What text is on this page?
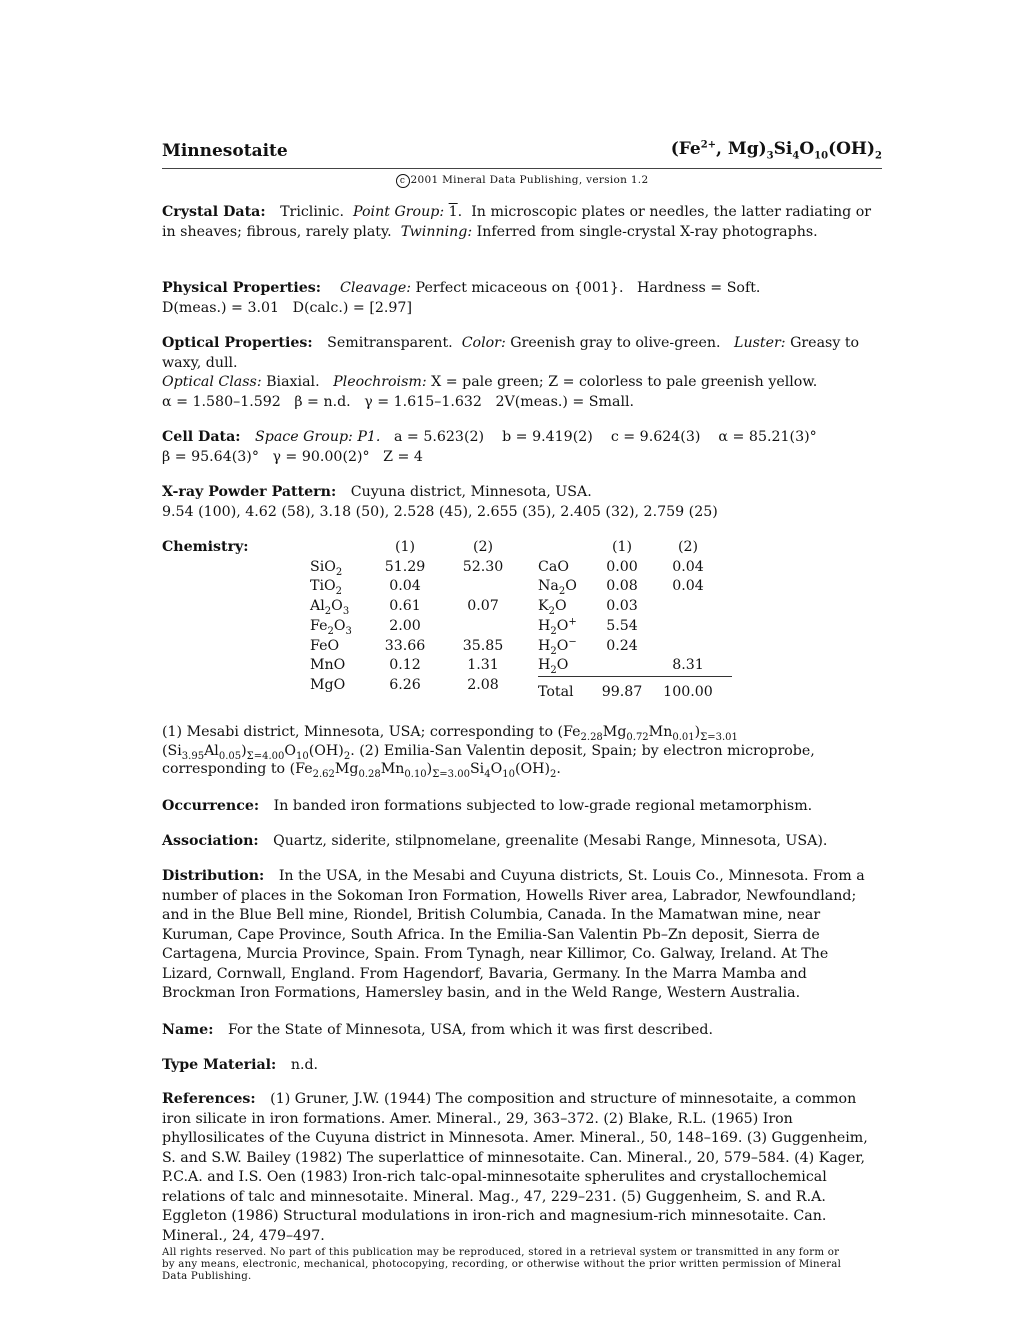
Minnesotaite	($Fe^{2+}$, $Mg)_3Si_4O_{10}(OH)_2$
c 2001 Mineral Data Publishing, version 1.2
Crystal Data: Triclinic. Point Group: 1.  In microscopic plates or needles, the latter radiating or in sheaves; fibrous, rarely platy. Twinning: Inferred from single-crystal X-ray photographs.
Physical Properties: Cleavage: Perfect micaceous on {001}. Hardness = Soft.
D(meas.) = 3.01   D(calc.) = [2.97]
Optical Properties: Semitransparent. Color: Greenish gray to olive-green. Luster: Greasy to waxy, dull.
Optical Class: Biaxial. Pleochroism: X = pale green; Z = colorless to pale greenish yellow.
α = 1.580–1.592   β = n.d.   γ = 1.615–1.632   2V(meas.) = Small.
Cell Data: Space Group: P1. a = 5.623(2)    b = 9.419(2)    c = 9.624(3)    α = 85.21(3)°
β = 95.64(3)°   γ = 90.00(2)°   Z = 4
X-ray Powder Pattern: Cuyuna district, Minnesota, USA.
9.54 (100), 4.62 (58), 3.18 (50), 2.528 (45), 2.655 (35), 2.405 (32), 2.759 (25)
Chemistry:
		(1)	(2)
SiO$_2$	51.29	52.30
TiO$_2$	0.04	
$Al_2O_3$	0.61	0.07
$Fe_2O_3$	2.00	
FeO	33.66	35.85
MnO	0.12	1.31
MgO	6.26	2.08
	(1)	(2)
CaO	0.00	0.04
$Na_2O$	0.08	0.04
$K_2O$	0.03	
$H_2O^+$	5.54	
$H_2O^-$	0.24	
$H_2O$		8.31
Total	99.87	100.00
(1) Mesabi district, Minnesota, USA; corresponding to $(Fe_{2.28}Mg_{0.72}Mn_{0.01})_{\Sigma=3.01}$ $(Si_{3.95}Al_{0.05})_{\Sigma=4.00}O_{10}(OH)_2$. (2) Emilia-San Valentin deposit, Spain; by electron microprobe, corresponding to $(Fe_{2.62}Mg_{0.28}Mn_{0.10})_{\Sigma=3.00}Si_4O_{10}(OH)_2$.
Occurrence: In banded iron formations subjected to low-grade regional metamorphism.
Association: Quartz, siderite, stilpnomelane, greenalite (Mesabi Range, Minnesota, USA).
Distribution: In the USA, in the Mesabi and Cuyuna districts, St. Louis Co., Minnesota. From a number of places in the Sokoman Iron Formation, Howells River area, Labrador, Newfoundland; and in the Blue Bell mine, Riondel, British Columbia, Canada. In the Mamatwan mine, near Kuruman, Cape Province, South Africa. In the Emilia-San Valentin Pb–Zn deposit, Sierra de Cartagena, Murcia Province, Spain. From Tynagh, near Killimor, Co. Galway, Ireland. At The Lizard, Cornwall, England. From Hagendorf, Bavaria, Germany. In the Marra Mamba and Brockman Iron Formations, Hamersley basin, and in the Weld Range, Western Australia.
Name: For the State of Minnesota, USA, from which it was first described.
Type Material: n.d.
References: (1) Gruner, J.W. (1944) The composition and structure of minnesotaite, a common iron silicate in iron formations. Amer. Mineral., 29, 363–372. (2) Blake, R.L. (1965) Iron phyllosilicates of the Cuyuna district in Minnesota. Amer. Mineral., 50, 148–169. (3) Guggenheim, S. and S.W. Bailey (1982) The superlattice of minnesotaite. Can. Mineral., 20, 579–584. (4) Kager, P.C.A. and I.S. Oen (1983) Iron-rich talc-opal-minnesotaite spherulites and crystallochemical relations of talc and minnesotaite. Mineral. Mag., 47, 229–231. (5) Guggenheim, S. and R.A. Eggleton (1986) Structural modulations in iron-rich and magnesium-rich minnesotaite. Can. Mineral., 24, 479–497.
All rights reserved. No part of this publication may be reproduced, stored in a retrieval system or transmitted in any form or by any means, electronic, mechanical, photocopying, recording, or otherwise without the prior written permission of Mineral Data Publishing.
